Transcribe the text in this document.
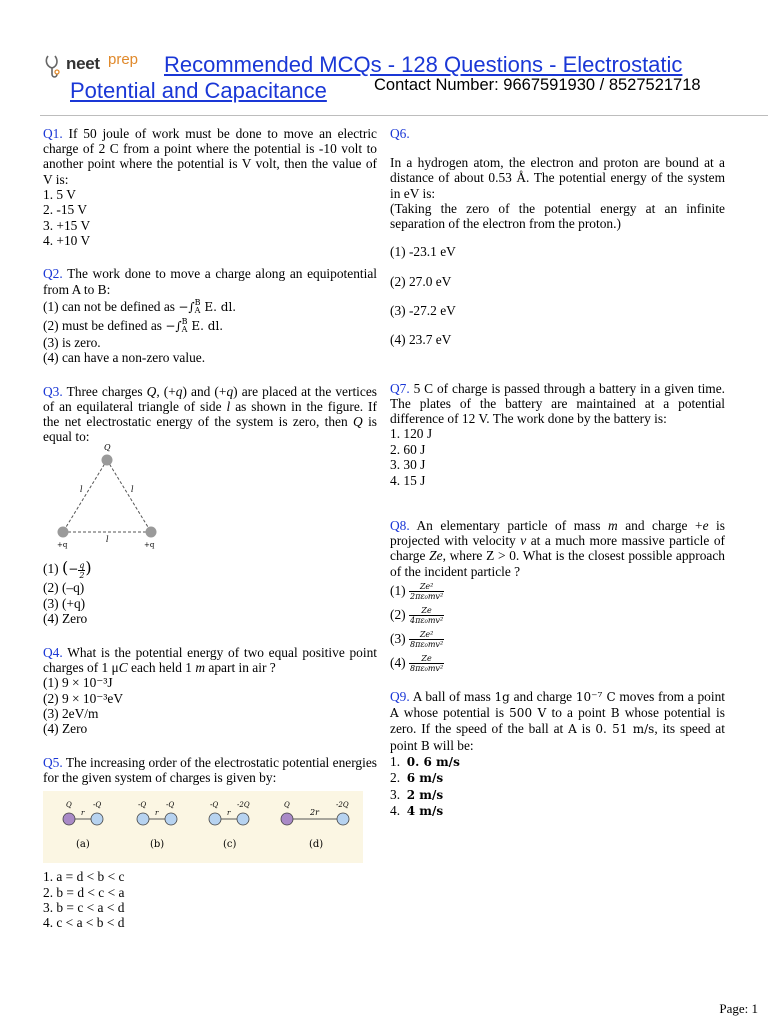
neet prep Recommended MCQs - 128 Questions - Electrostatic
Potential and Capacitance	Contact Number: 9667591930 / 8527521718
Q1. If 50 joule of work must be done to move an electric charge of 2 C from a point where the potential is -10 volt to another point where the potential is V volt, then the value of V is:
1. 5 V
2. -15 V
3. +15 V
4. +10 V
Q2. The work done to move a charge along an equipotential from A to B:
(1) can not be defined as −∫ B
A E. dl.
(2) must be defined as −∫ B
A E. dl.
(3) is zero.
(4) can have a non-zero value.
Q3. Three charges Q, (+q) and (+q) are placed at the vertices of an equilateral triangle of side l as shown in the figure. If the net electrostatic energy of the system is zero, then Q is equal to:
Q
l	l
l
+q	+q
(1) (− $\frac{q}{2}$ )
(2) (–q)
(3) (+q)
(4) Zero
Q4. What is the potential energy of two equal positive point charges of 1 μC each held 1 m apart in air ?
(1) 9 × 10⁻³J
(2) 9 × 10⁻³eV
(3) 2eV/m
(4) Zero
Q5. The increasing order of the electrostatic potential energies for the given system of charges is given by:
Q	-Q
r
(a)
-Q	-Q
r
(b)
-Q	-2Q
r
(c)
Q	-2Q
2r
(d)
1. a = d < b < c
2. b = d < c < a
3. b = c < a < d
4. c < a < b < d
Q6.
In a hydrogen atom, the electron and proton are bound at a distance of about 0.53 Å. The potential energy of the system in eV is:
(Taking the zero of the potential energy at an infinite separation of the electron from the proton.)
(1) -23.1 eV
(2) 27.0 eV
(3) -27.2 eV
(4) 23.7 eV
Q7. 5 C of charge is passed through a battery in a given time. The plates of the battery are maintained at a potential difference of 12 V. The work done by the battery is:
1. 120 J
2. 60 J
3. 30 J
4. 15 J
Q8. An elementary particle of mass m and charge +e is projected with velocity v at a much more massive particle of charge Ze, where Z > 0. What is the closest possible approach of the incident particle ?
$(1) \frac{\text{Ze²}}{\text{2πε₀mv²}}$
$(2) \frac{Ze}{\text{4πε₀mv²}}$
$(3) \frac{\text{Ze²}}{\text{8πε₀mv²}}$
$(4) \frac{Ze}{\text{8πε₀mv²}}$
Q9. A ball of mass 1g and charge 10⁻⁷ C moves from a point A whose potential is 500 V to a point B whose potential is zero. If the speed of the ball at A is 0. 51 m/s, its speed at point B will be:
1. 0. 6 m/s
2. 6 m/s
3. 2 m/s
4. 4 m/s
Page: 1
